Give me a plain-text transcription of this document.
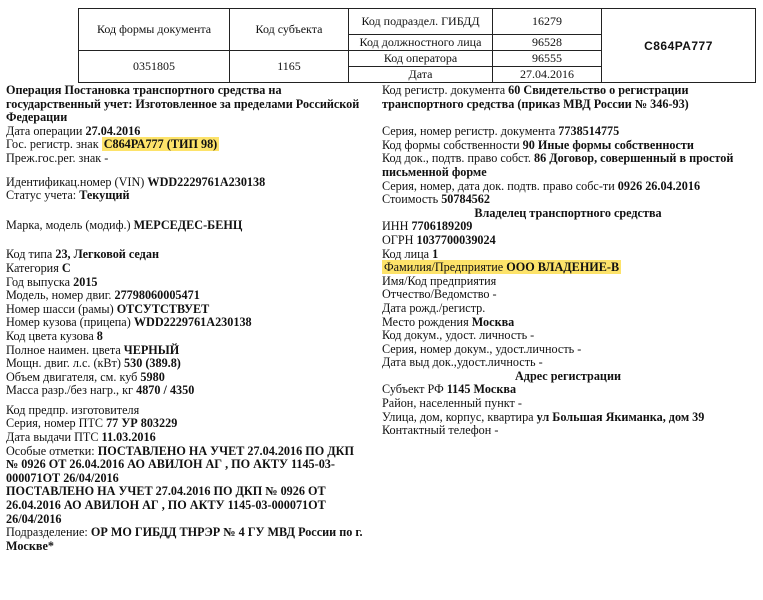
Код формы документа	Код субъекта	Код подраздел. ГИБДД	16279	С864РА777
		Код должностного лица	96528	
0351805	1165	Код оператора	96555	
		Дата	27.04.2016	
Операция Постановка транспортного средства на государственный учет: Изготовленное за пределами Российской Федерации
Дата операции 27.04.2016
Гос. регистр. знак С864РА777 (ТИП 98)
Преж.гос.рег. знак -
Идентификац.номер (VIN) WDD2229761A230138
Статус учета: Текущий
Марка, модель (модиф.) МЕРСЕДЕС-БЕНЦ
Код типа 23, Легковой седан
Категория С
Год выпуска 2015
Модель, номер двиг. 27798060005471
Номер шасси (рамы) ОТСУТСТВУЕТ
Номер кузова (прицепа) WDD2229761A230138
Код цвета кузова 8
Полное наимен. цвета ЧЕРНЫЙ
Мощн. двиг. л.с. (кВт) 530 (389.8)
Объем двигателя, см. куб 5980
Масса разр./без нагр., кг 4870 / 4350
Код предпр. изготовителя
Серия, номер ПТС 77 УР 803229
Дата выдачи ПТС 11.03.2016
Особые отметки: ПОСТАВЛЕНО НА УЧЕТ 27.04.2016 ПО ДКП № 0926 ОТ 26.04.2016 АО АВИЛОН АГ , ПО АКТУ 1145-03-000071ОТ 26/04/2016
ПОСТАВЛЕНО НА УЧЕТ 27.04.2016 ПО ДКП № 0926 ОТ 26.04.2016 АО АВИЛОН АГ , ПО АКТУ 1145-03-000071ОТ 26/04/2016
Подразделение: ОР МО ГИБДД ТНРЭР № 4 ГУ МВД России по г. Москве*
Код регистр. документа 60 Свидетельство о регистрации транспортного средства (приказ МВД России № 346-93)
Серия, номер регистр. документа 7738514775
Код формы собственности 90 Иные формы собственности
Код док., подтв. право собст. 86 Договор, совершенный в простой письменной форме
Серия, номер, дата док. подтв. право собс-ти 0926 26.04.2016
Стоимость 50784562
Владелец транспортного средства
ИНН 7706189209
ОГРН 1037700039024
Код лица 1
Фамилия/Предприятие ООО ВЛАДЕНИЕ-В
Имя/Код предприятия
Отчество/Ведомство -
Дата рожд./регистр.
Место рождения Москва
Код докум., удост. личность -
Серия, номер докум., удост.личность -
Дата выд док.,удост.личность -
Адрес регистрации
Субъект РФ 1145 Москва
Район, населенный пункт -
Улица, дом, корпус, квартира ул Большая Якиманка, дом 39
Контактный телефон -
